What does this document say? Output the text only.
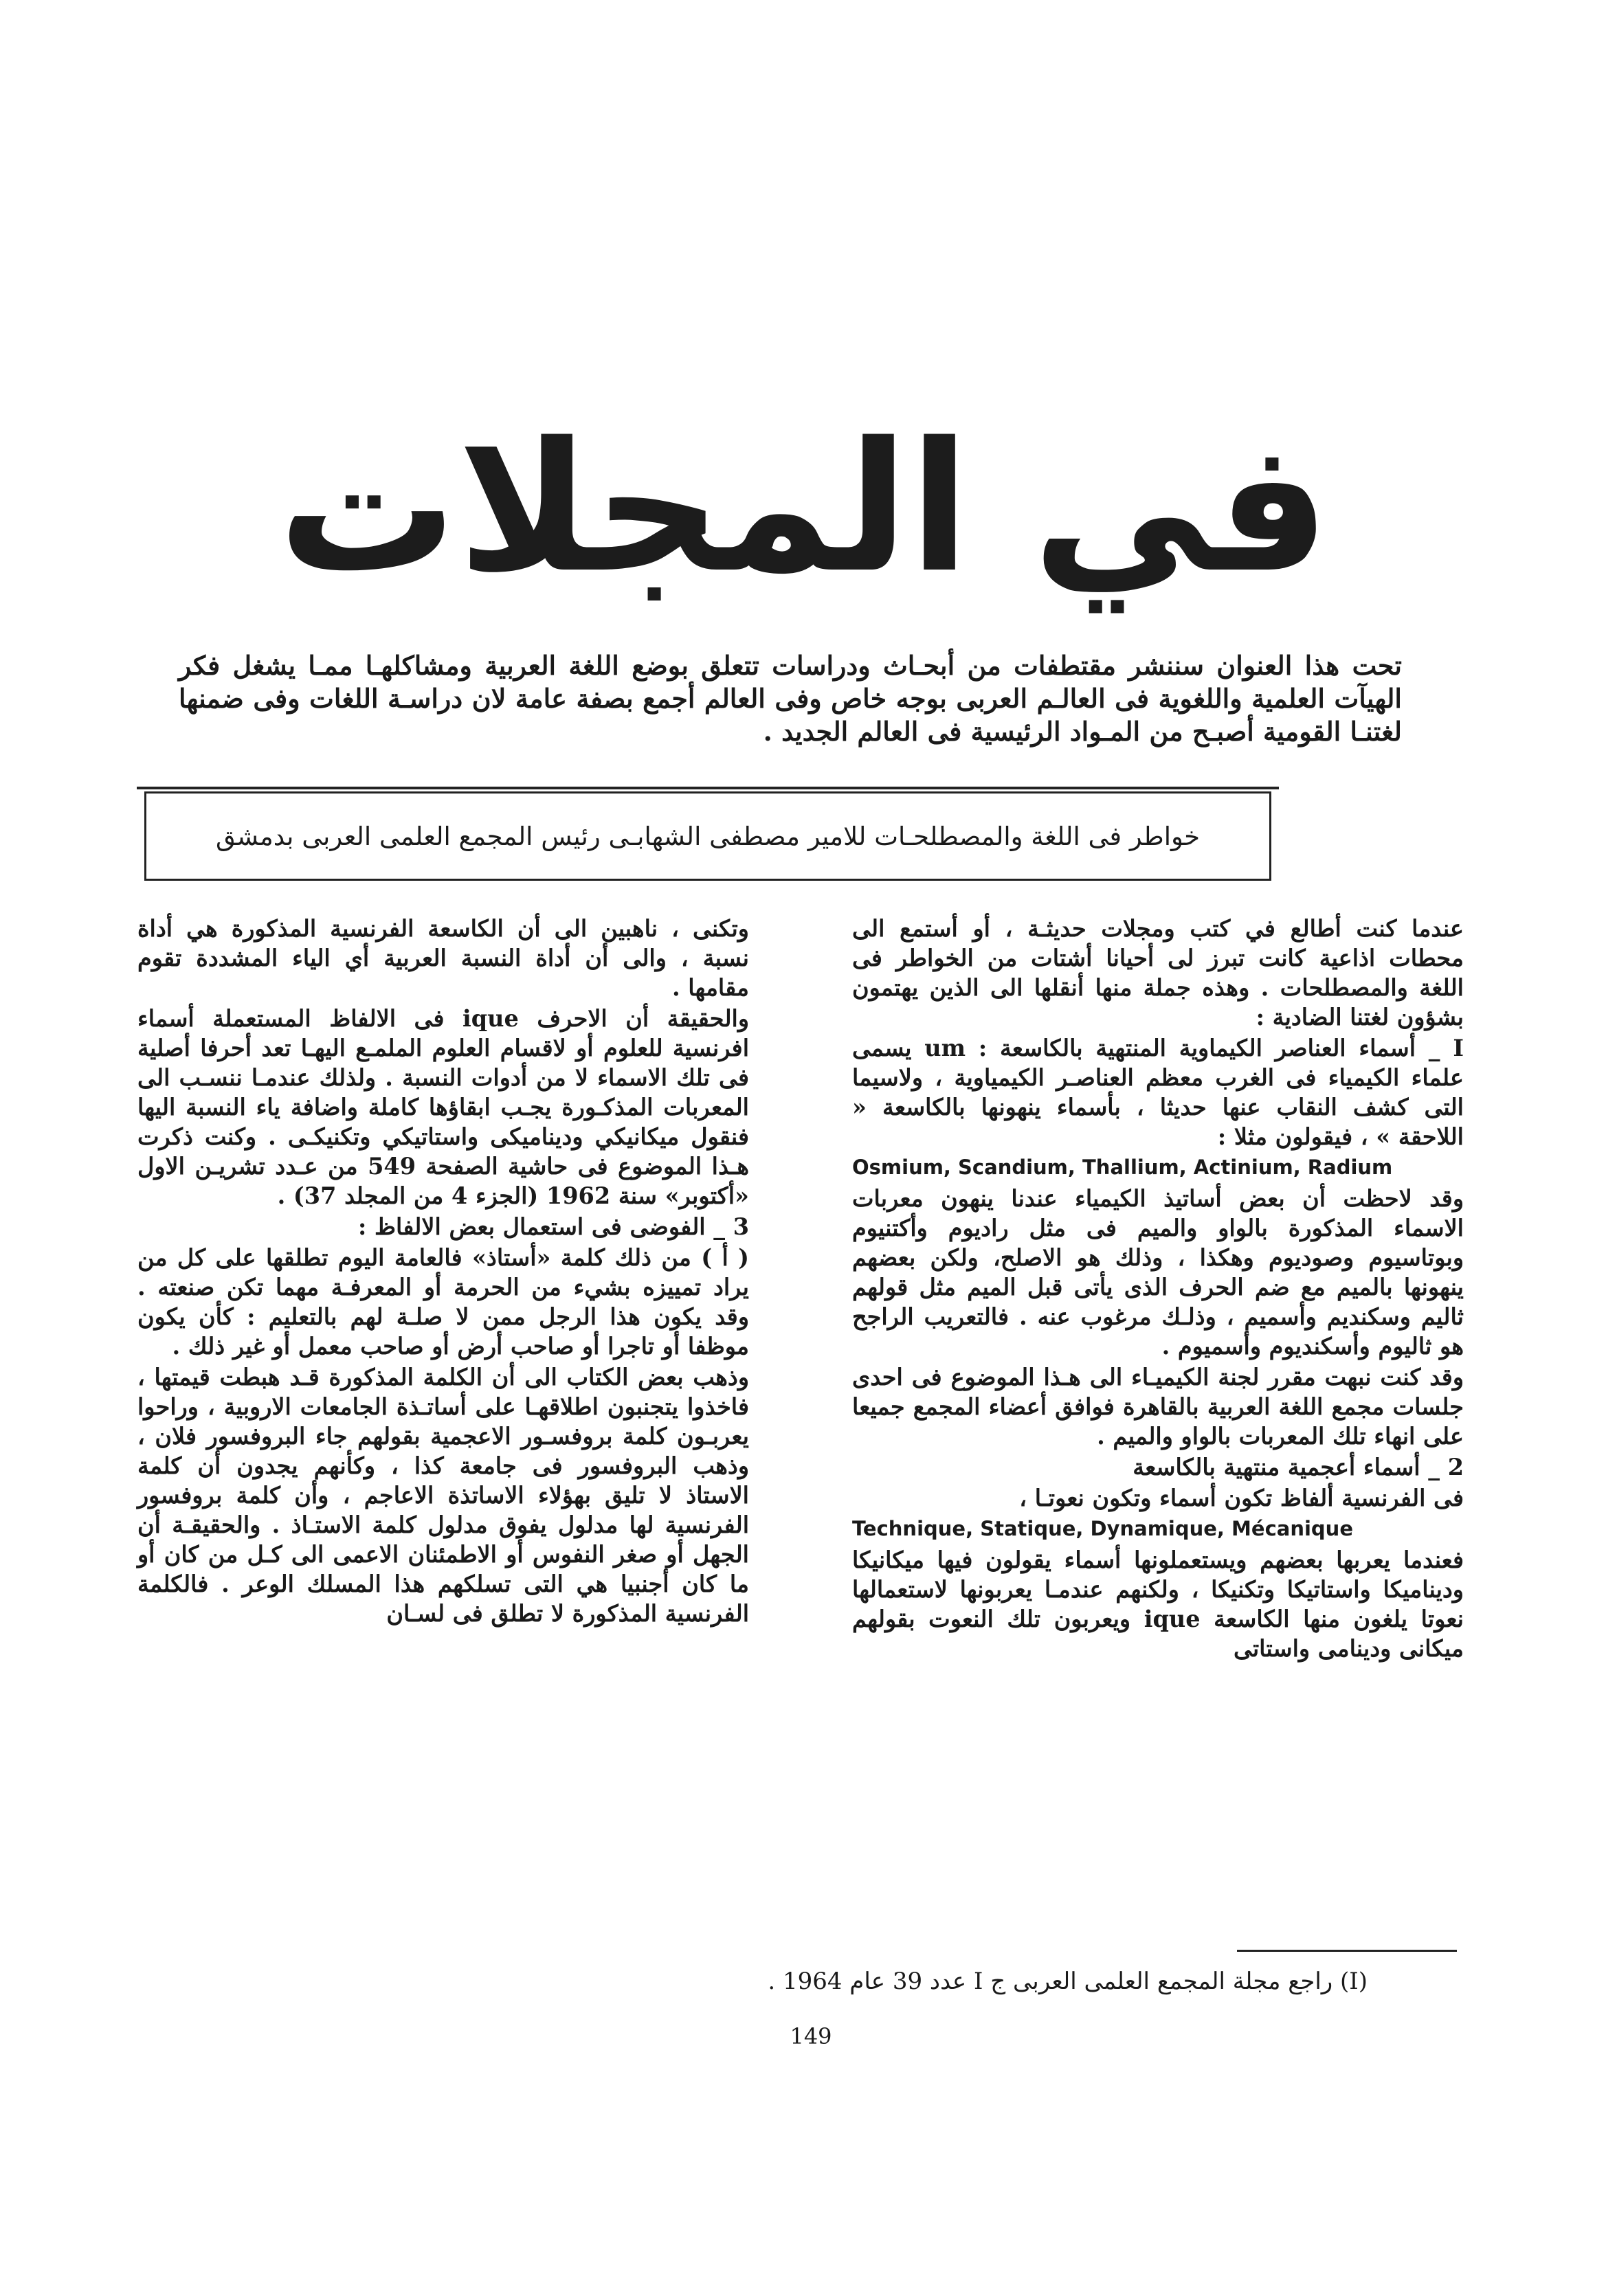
في المجلات

تحت هذا العنوان سننشر مقتطفات من أبحـاث ودراسات تتعلق بوضع اللغة العربية ومشاكلهـا ممـا يشغل فكر الهيآت العلمية واللغوية فى العالـم العربى بوجه خاص وفى العالم أجمع بصفة عامة لان دراسـة اللغات وفى ضمنها لغتنـا القومية أصبـح من المـواد الرئيسية فى العالم الجديد .

خواطر فى اللغة والمصطلحـات للامير مصطفى الشهابـى رئيس المجمع العلمى العربى بدمشق

عندما كنت أطالع في كتب ومجلات حديثـة ، أو أستمع الى محطات اذاعية كانت تبرز لى أحيانا أشتات من الخواطر فى اللغة والمصطلحات . وهذه جملة منها أنقلها الى الذين يهتمون بشؤون لغتنا الضادية :

I _ أسماء العناصر الكيماوية المنتهية بالكاسعة : um يسمى علماء الكيمياء فى الغرب معظم العناصـر الكيمياوية ، ولاسيما التى كشف النقاب عنها حديثا ، بأسماء ينهونها بالكاسعة « اللاحقة » ، فيقولون مثلا :

Osmium, Scandium, Thallium, Actinium, Radium

وقد لاحظت أن بعض أساتيذ الكيمياء عندنا ينهون معربات الاسماء المذكورة بالواو والميم فى مثل راديوم وأكتنيوم وبوتاسيوم وصوديوم وهكذا ، وذلك هو الاصلح، ولكن بعضهم ينهونها بالميم مع ضم الحرف الذى يأتى قبل الميم مثل قولهم ثاليم وسكنديم وأسميم ، وذلـك مرغوب عنه . فالتعريب الراجح هو ثاليوم وأسكنديوم وأسميوم .

وقد كنت نبهت مقرر لجنة الكيميـاء الى هـذا الموضوع فى احدى جلسات مجمع اللغة العربية بالقاهرة فوافق أعضاء المجمع جميعا على انهاء تلك المعربات بالواو والميم .

2 _ أسماء أعجمية منتهية بالكاسعة

فى الفرنسية ألفاظ تكون أسماء وتكون نعوتـا ،

Technique, Statique, Dynamique, Mécanique

فعندما يعربها بعضهم ويستعملونها أسماء يقولون فيها ميكانيكا وديناميكا واستاتيكا وتكنيكا ، ولكنهم عندمـا يعربونها لاستعمالها نعوتا يلغون منها الكاسعة ique ويعربون تلك النعوت بقولهم ميكانى ودينامى واستاتى

وتكنى ، ناهبين الى أن الكاسعة الفرنسية المذكورة هي أداة نسبة ، والى أن أداة النسبة العربية أي الياء المشددة تقوم مقامها .

والحقيقة أن الاحرف ique فى الالفاظ المستعملة أسماء افرنسية للعلوم أو لاقسام العلوم الملمـع اليهـا تعد أحرفا أصلية فى تلك الاسماء لا من أدوات النسبة . ولذلك عندمـا ننسـب الى المعربات المذكـورة يجـب ابقاؤها كاملة واضافة ياء النسبة اليها فنقول ميكانيكي وديناميكى واستاتيكي وتكنيكـى . وكنت ذكرت هـذا الموضوع فى حاشية الصفحة 549 من عـدد تشريـن الاول «أكتوبر» سنة 1962 (الجزء 4 من المجلد 37) .

3 _ الفوضى فى استعمال بعض الالفاظ :

( أ ) من ذلك كلمة «أستاذ» فالعامة اليوم تطلقها على كل من يراد تمييزه بشيء من الحرمة أو المعرفـة مهما تكن صنعته . وقد يكون هذا الرجل ممن لا صلـة لهم بالتعليم : كأن يكون موظفا أو تاجرا أو صاحب أرض أو صاحب معمل أو غير ذلك .

وذهب بعض الكتاب الى أن الكلمة المذكورة قـد هبطت قيمتها ، فاخذوا يتجنبون اطلاقهـا على أساتـذة الجامعات الاروبية ، وراحوا يعربـون كلمة بروفسـور الاعجمية بقولهم جاء البروفسور فلان ، وذهب البروفسور فى جامعة كذا ، وكأنهم يجدون أن كلمة الاستاذ لا تليق بهؤلاء الاساتذة الاعاجم ، وأن كلمة بروفسور الفرنسية لها مدلول يفوق مدلول كلمة الاستـاذ . والحقيقـة أن الجهل أو صغر النفوس أو الاطمئنان الاعمى الى كـل من كان أو ما كان أجنبيا هي التى تسلكهم هذا المسلك الوعر . فالكلمة الفرنسية المذكورة لا تطلق فى لسـان

(I) راجع مجلة المجمع العلمى العربى ج I عدد 39 عام 1964 .
149
